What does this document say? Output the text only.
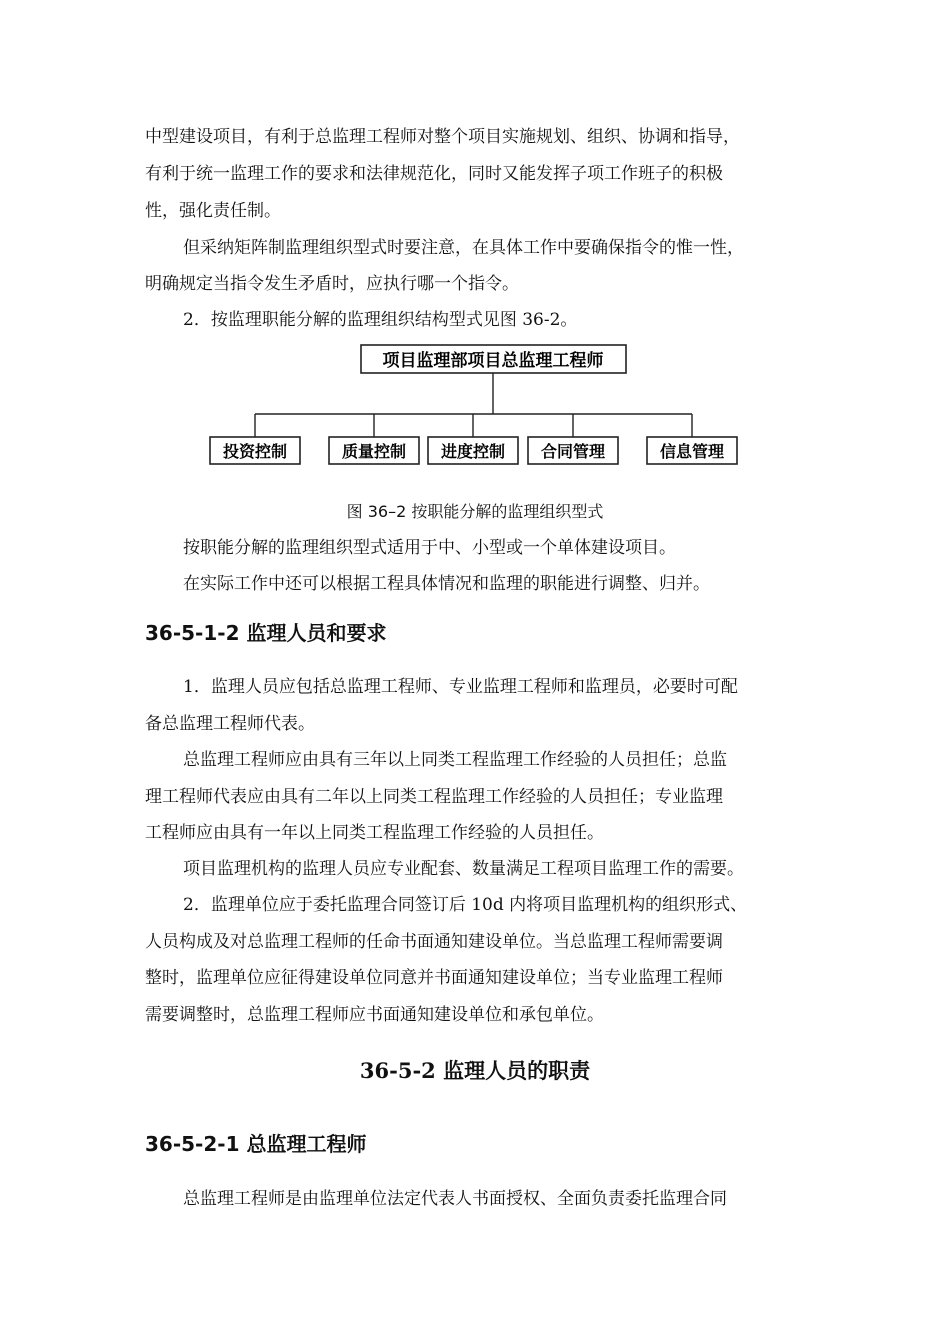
中型建设项目，有利于总监理工程师对整个项目实施规划、组织、协调和指导，

有利于统一监理工作的要求和法律规范化，同时又能发挥子项工作班子的积极

性，强化责任制。

但采纳矩阵制监理组织型式时要注意，在具体工作中要确保指令的惟一性，

明确规定当指令发生矛盾时，应执行哪一个指令。

2．按监理职能分解的监理组织结构型式见图 36-2。

项目监理部项目总监理工程师
投资控制	质量控制 进度控制 合同管理	信息管理

图 36–2 按职能分解的监理组织型式

按职能分解的监理组织型式适用于中、小型或一个单体建设项目。

在实际工作中还可以根据工程具体情况和监理的职能进行调整、归并。

36-5-1-2 监理人员和要求

1．监理人员应包括总监理工程师、专业监理工程师和监理员，必要时可配

备总监理工程师代表。

总监理工程师应由具有三年以上同类工程监理工作经验的人员担任；总监

理工程师代表应由具有二年以上同类工程监理工作经验的人员担任；专业监理

工程师应由具有一年以上同类工程监理工作经验的人员担任。

项目监理机构的监理人员应专业配套、数量满足工程项目监理工作的需要。

2．监理单位应于委托监理合同签订后 10d 内将项目监理机构的组织形式、

人员构成及对总监理工程师的任命书面通知建设单位。当总监理工程师需要调

整时，监理单位应征得建设单位同意并书面通知建设单位；当专业监理工程师

需要调整时，总监理工程师应书面通知建设单位和承包单位。

36-5-2 监理人员的职责
36-5-2-1 总监理工程师

总监理工程师是由监理单位法定代表人书面授权、全面负责委托监理合同
